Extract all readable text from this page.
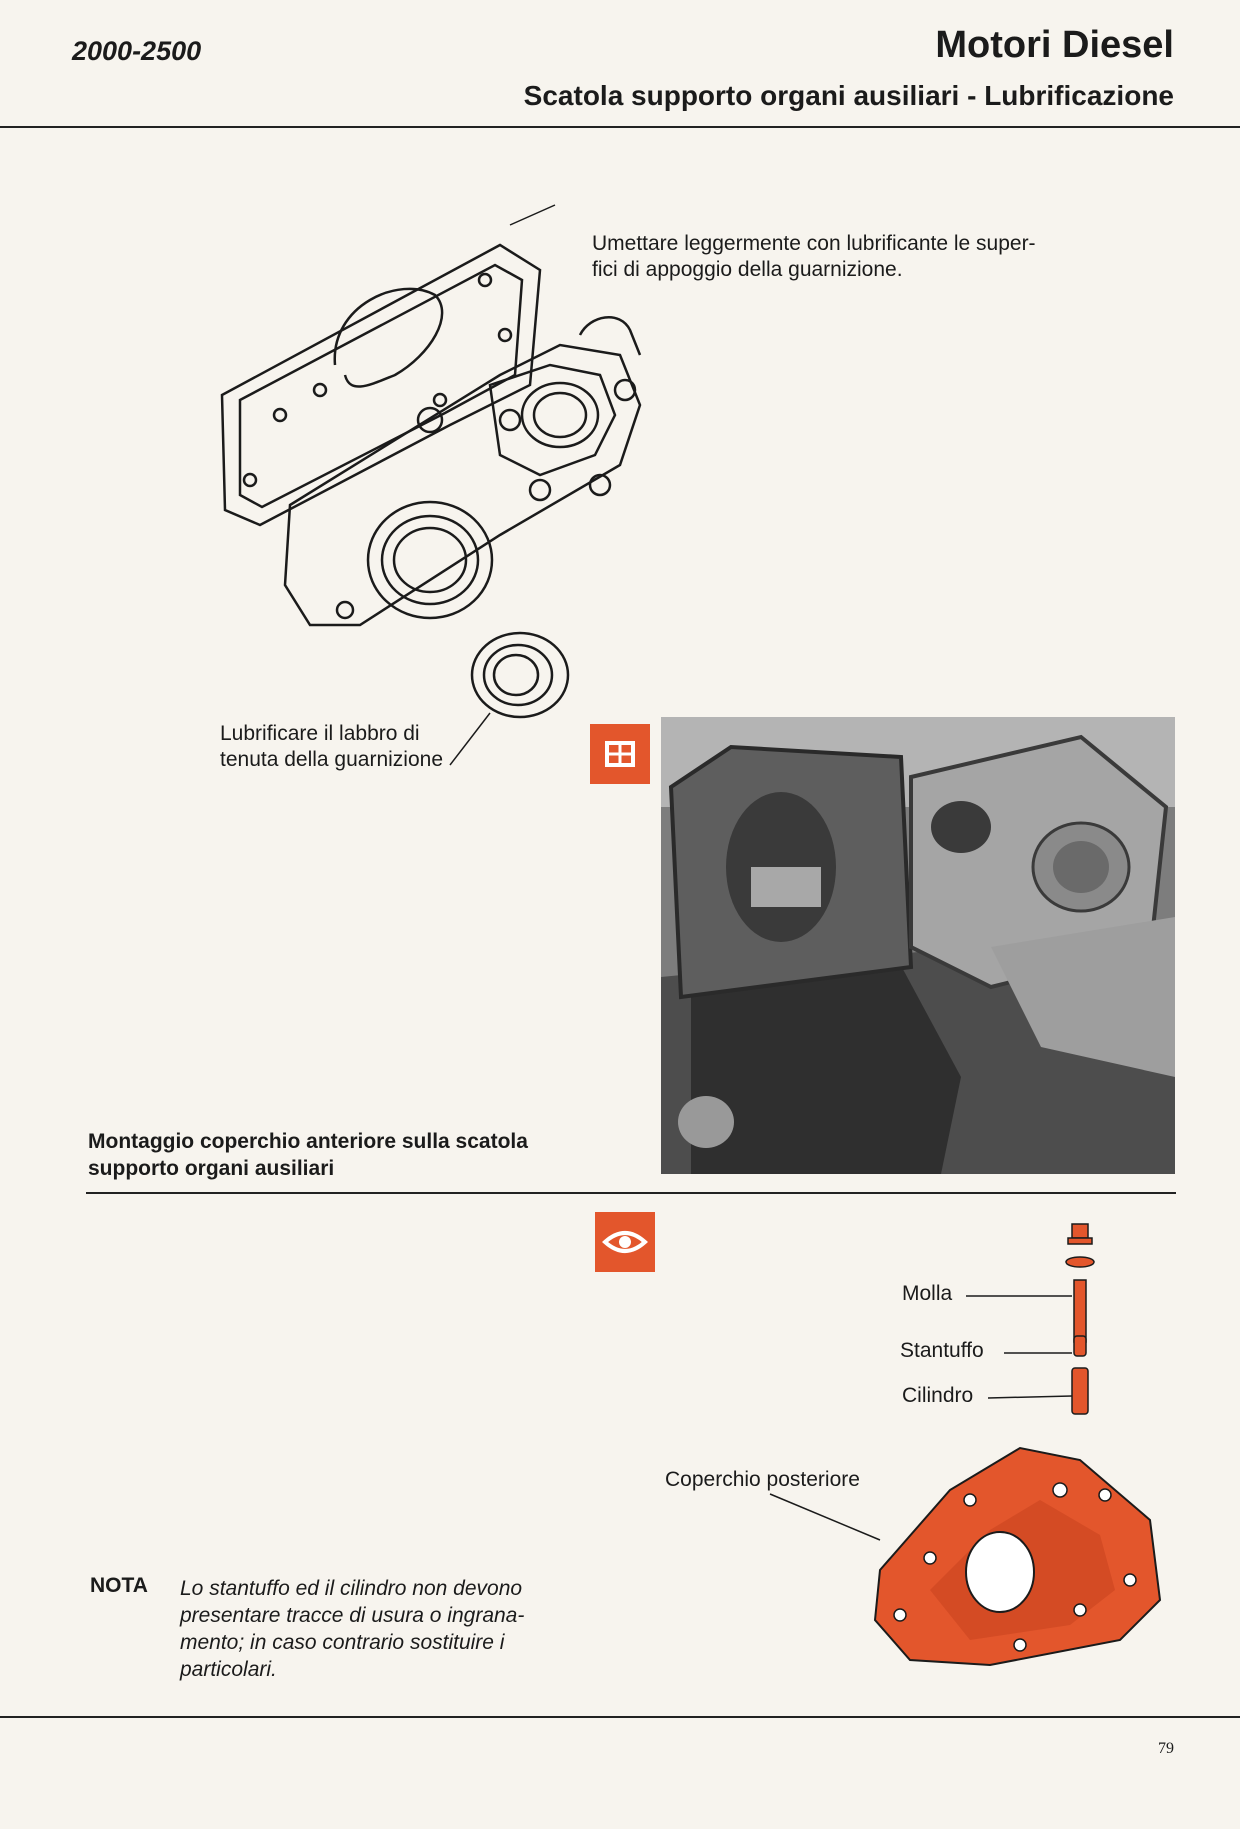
2000-2500	Motori Diesel
Scatola supporto organi ausiliari - Lubrificazione
Umettare leggermente con lubrificante le super-
fici di appoggio della guarnizione.
Lubrificare il labbro di
tenuta della guarnizione
Montaggio coperchio anteriore sulla scatola
supporto organi ausiliari
Molla
Stantuffo
Cilindro
Coperchio posteriore
NOTA Lo stantuffo ed il cilindro non devono
presentare tracce di usura o ingrana-
mento; in caso contrario sostituire i
particolari.
79
